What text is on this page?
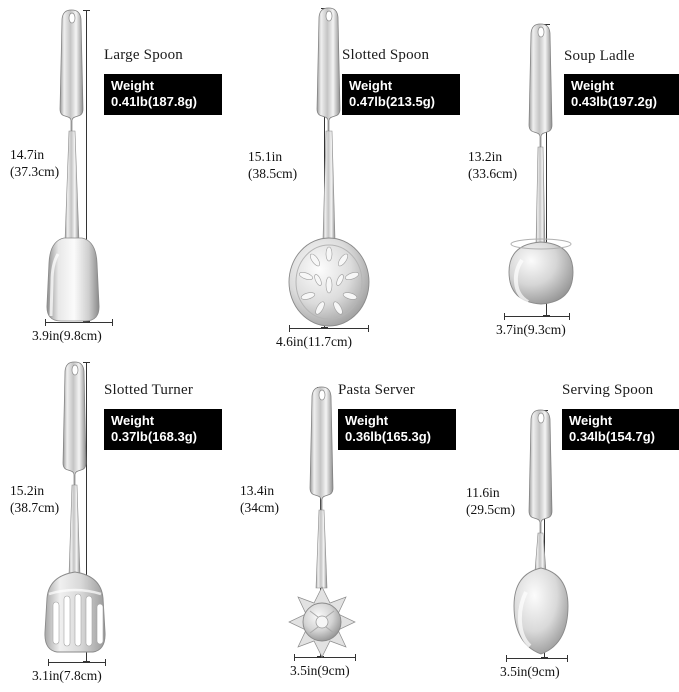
Large Spoon
Weight
0.41lb(187.8g)
14.7in
(37.3cm)
3.9in(9.8cm)
Slotted Spoon
Weight
0.47lb(213.5g)
15.1in
(38.5cm)
4.6in(11.7cm)
Soup Ladle
Weight
0.43lb(197.2g)
13.2in
(33.6cm)
3.7in(9.3cm)
Slotted Turner
Weight
0.37lb(168.3g)
15.2in
(38.7cm)
3.1in(7.8cm)
Pasta Server
Weight
0.36lb(165.3g)
13.4in
(34cm)
3.5in(9cm)
Serving Spoon
Weight
0.34lb(154.7g)
11.6in
(29.5cm)
3.5in(9cm)
